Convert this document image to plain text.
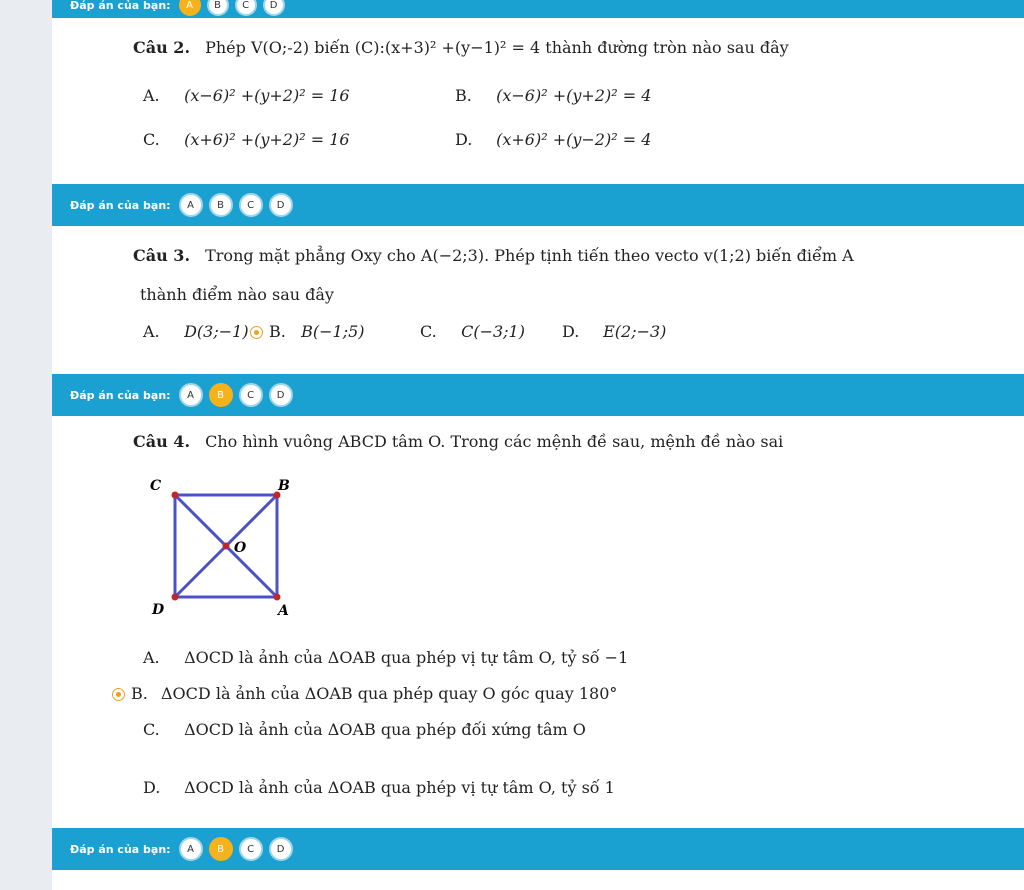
Đáp án của bạn:	A	B	C	D
Câu 2. Phép V(O;-2) biến (C):(x+3)² +(y−1)² = 4 thành đường tròn nào sau đây
A. (x−6)² +(y+2)² = 16	B. (x−6)² +(y+2)² = 4
C. (x+6)² +(y+2)² = 16	D. (x+6)² +(y−2)² = 4
Đáp án của bạn:	A	B	C	D
Câu 3. Trong mặt phẳng Oxy cho A(−2;3). Phép tịnh tiến theo vecto v(1;2) biến điểm A
thành điểm nào sau đây
A. D(3;−1)	B. B(−1;5)	C. C(−3;1) D. E(2;−3)
Đáp án của bạn:	A	B	C	D
Câu 4. Cho hình vuông ABCD tâm O. Trong các mệnh đề sau, mệnh đề nào sai
C	B
O
D	A
A. ΔOCD là ảnh của ΔOAB qua phép vị tự tâm O, tỷ số −1
B. ΔOCD là ảnh của ΔOAB qua phép quay O góc quay 180°
C. ΔOCD là ảnh của ΔOAB qua phép đối xứng tâm O
D. ΔOCD là ảnh của ΔOAB qua phép vị tự tâm O, tỷ số 1
Đáp án của bạn:	A	B	C	D
